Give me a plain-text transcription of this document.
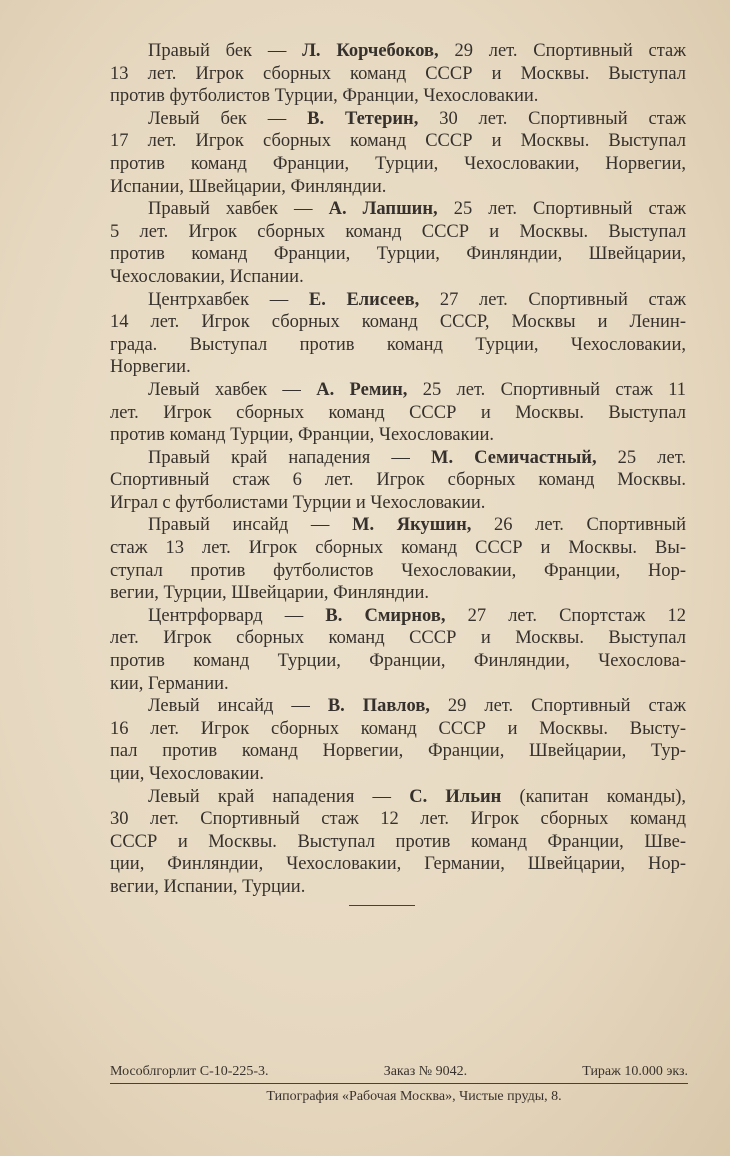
Правый бек — Л. Корчебоков, 29 лет. Спортивный стаж
13 лет. Игрок сборных команд СССР и Москвы. Выступал
против футболистов Турции, Франции, Чехословакии.
Левый бек — В. Тетерин, 30 лет. Спортивный стаж
17 лет. Игрок сборных команд СССР и Москвы. Выступал
против команд Франции, Турции, Чехословакии, Норвегии,
Испании, Швейцарии, Финляндии.
Правый хавбек — А. Лапшин, 25 лет. Спортивный стаж
5 лет. Игрок сборных команд СССР и Москвы. Выступал
против команд Франции, Турции, Финляндии, Швейцарии,
Чехословакии, Испании.
Центрхавбек — Е. Елисеев, 27 лет. Спортивный стаж
14 лет. Игрок сборных команд СССР, Москвы и Ленин-
града. Выступал против команд Турции, Чехословакии,
Норвегии.
Левый хавбек — А. Ремин, 25 лет. Спортивный стаж 11
лет. Игрок сборных команд СССР и Москвы. Выступал
против команд Турции, Франции, Чехословакии.
Правый край нападения — М. Семичастный, 25 лет.
Спортивный стаж 6 лет. Игрок сборных команд Москвы.
Играл с футболистами Турции и Чехословакии.
Правый инсайд — М. Якушин, 26 лет. Спортивный
стаж 13 лет. Игрок сборных команд СССР и Москвы. Вы-
ступал против футболистов Чехословакии, Франции, Нор-
вегии, Турции, Швейцарии, Финляндии.
Центрфорвард — В. Смирнов, 27 лет. Спортстаж 12
лет. Игрок сборных команд СССР и Москвы. Выступал
против команд Турции, Франции, Финляндии, Чехослова-
кии, Германии.
Левый инсайд — В. Павлов, 29 лет. Спортивный стаж
16 лет. Игрок сборных команд СССР и Москвы. Высту-
пал против команд Норвегии, Франции, Швейцарии, Тур-
ции, Чехословакии.
Левый край нападения — С. Ильин (капитан команды),
30 лет. Спортивный стаж 12 лет. Игрок сборных команд
СССР и Москвы. Выступал против команд Франции, Шве-
ции, Финляндии, Чехословакии, Германии, Швейцарии, Нор-
вегии, Испании, Турции.
Мособлгорлит С-10-225-3.	Заказ № 9042.	Тираж 10.000 экз.
Типография «Рабочая Москва», Чистые пруды, 8.
